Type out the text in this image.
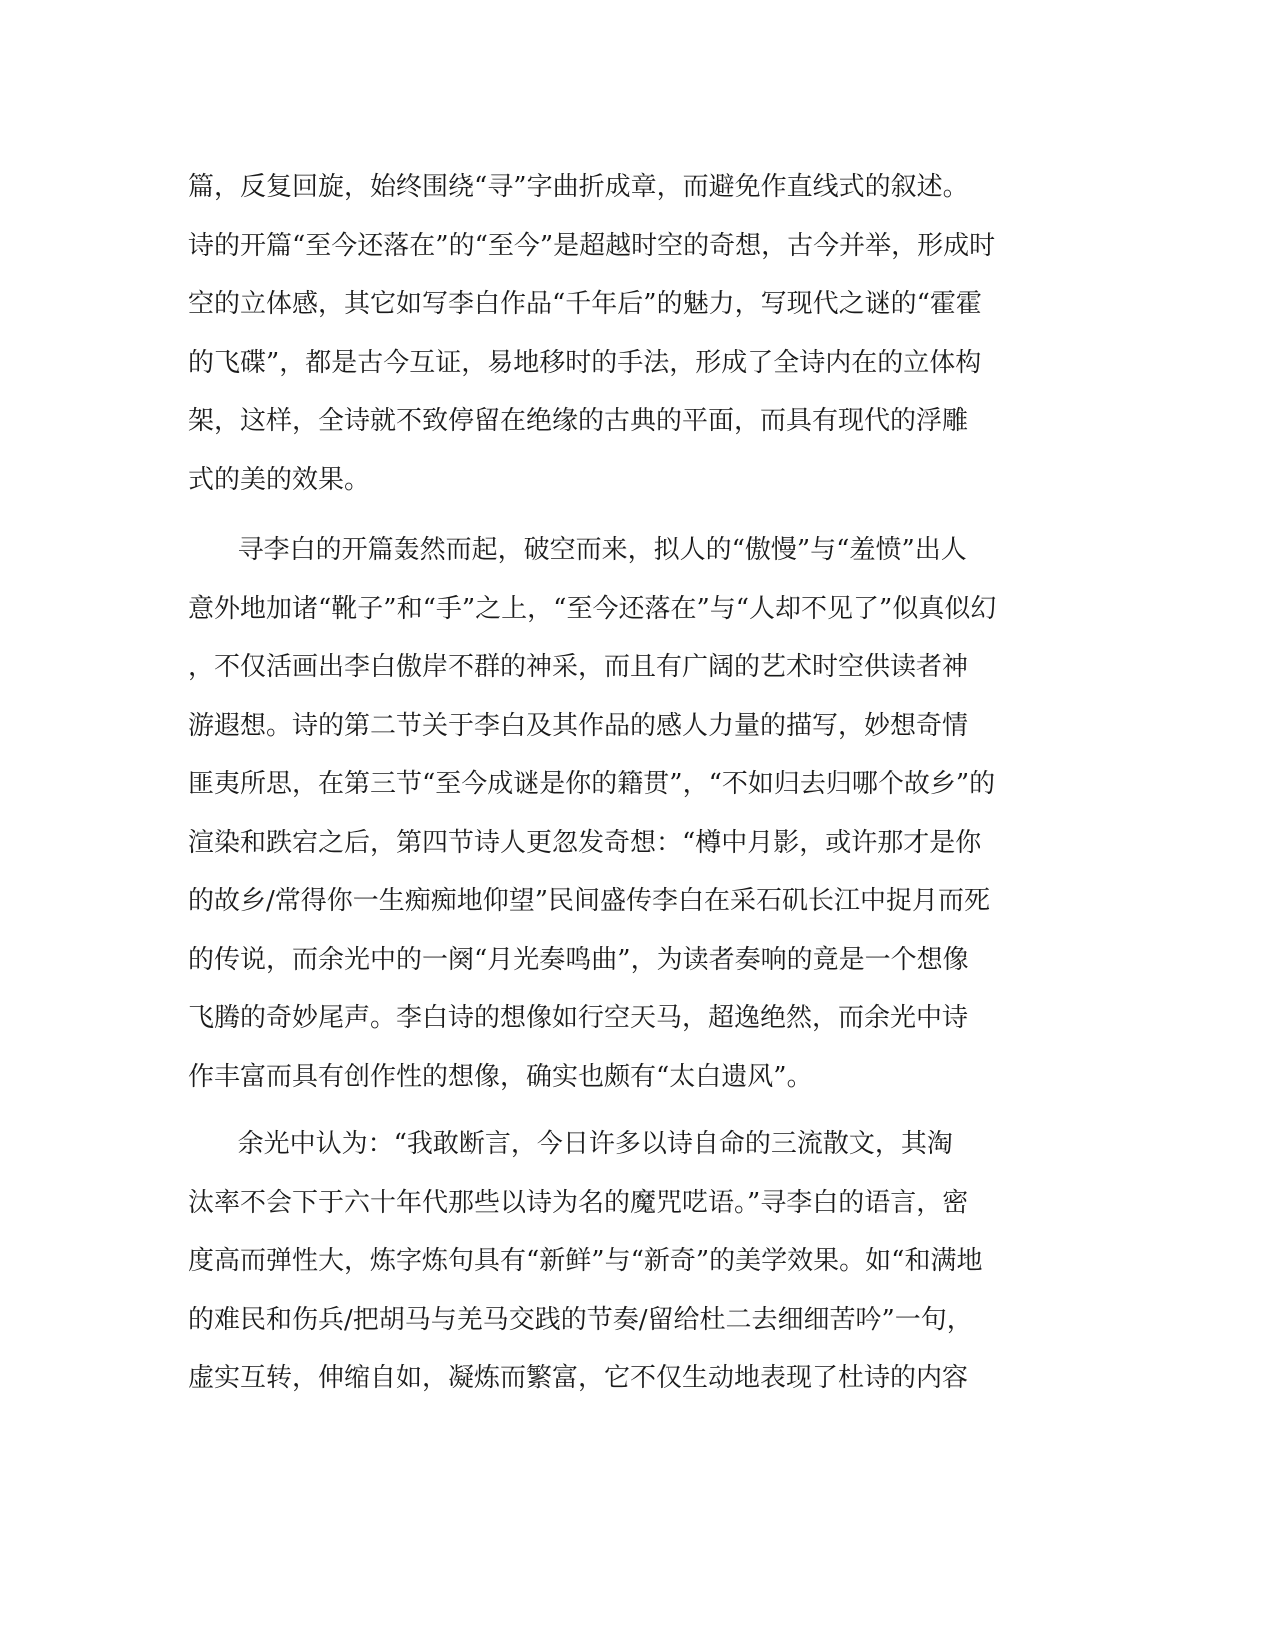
篇，反复回旋，始终围绕“寻”字曲折成章，而避免作直线式的叙述。
诗的开篇“至今还落在”的“至今”是超越时空的奇想，古今并举，形成时
空的立体感，其它如写李白作品“千年后”的魅力，写现代之谜的“霍霍
的飞碟”，都是古今互证，易地移时的手法，形成了全诗内在的立体构
架，这样，全诗就不致停留在绝缘的古典的平面，而具有现代的浮雕
式的美的效果。
寻李白的开篇轰然而起，破空而来，拟人的“傲慢”与“羞愤”出人
意外地加诸“靴子”和“手”之上，“至今还落在”与“人却不见了”似真似幻
，不仅活画出李白傲岸不群的神采，而且有广阔的艺术时空供读者神
游遐想。诗的第二节关于李白及其作品的感人力量的描写，妙想奇情
匪夷所思，在第三节“至今成谜是你的籍贯”，“不如归去归哪个故乡”的
渲染和跌宕之后，第四节诗人更忽发奇想：“樽中月影，或许那才是你
的故乡/常得你一生痴痴地仰望”民间盛传李白在采石矶长江中捉月而死
的传说，而余光中的一阕“月光奏鸣曲”，为读者奏响的竟是一个想像
飞腾的奇妙尾声。李白诗的想像如行空天马，超逸绝然，而余光中诗
作丰富而具有创作性的想像，确实也颇有“太白遗风”。
余光中认为：“我敢断言，今日许多以诗自命的三流散文，其淘
汰率不会下于六十年代那些以诗为名的魔咒呓语。”寻李白的语言，密
度高而弹性大，炼字炼句具有“新鲜”与“新奇”的美学效果。如“和满地
的难民和伤兵/把胡马与羌马交践的节奏/留给杜二去细细苦吟”一句，
虚实互转，伸缩自如，凝炼而繁富，它不仅生动地表现了杜诗的内容
